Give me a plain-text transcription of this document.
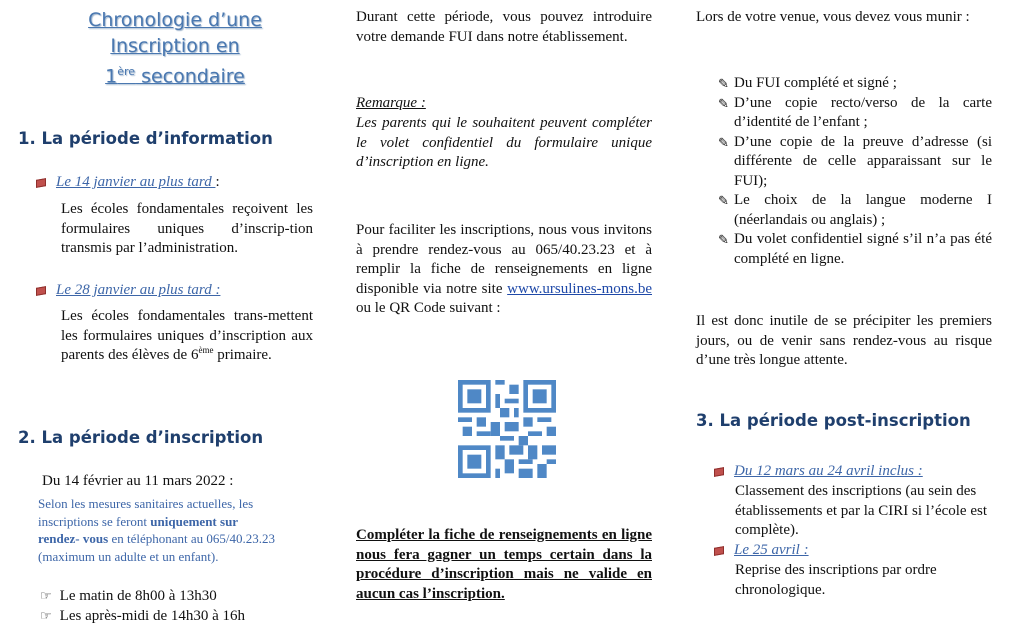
Chronologie d’une
Inscription en
1ère secondaire
1. La période d’information
Le 14 janvier au plus tard :
Les écoles fondamentales reçoivent les formulaires uniques d’inscrip-tion transmis par l’administration.
Le 28 janvier au plus tard :
Les écoles fondamentales trans-mettent les formulaires uniques d’inscription aux parents des élèves de 6ème primaire.
2. La période d’inscription
Du 14 février au 11 mars 2022 :
Selon les mesures sanitaires actuelles, les inscriptions se feront uniquement sur rendez- vous en téléphonant au 065/40.23.23 (maximum un adulte et un enfant).
☞ Le matin de 8h00 à 13h30
☞ Les après-midi de 14h30 à 16h
Durant cette période, vous pouvez introduire votre demande FUI dans notre établissement.
Remarque :
Les parents qui le souhaitent peuvent compléter le volet confidentiel du formulaire unique d’inscription en ligne.
Pour faciliter les inscriptions, nous vous invitons à prendre rendez-vous au 065/40.23.23 et à remplir la fiche de renseignements en ligne disponible via notre site www.ursulines-mons.be ou le QR Code suivant :
Compléter la fiche de renseignements en ligne nous fera gagner un temps certain dans la procédure d’inscription mais ne valide en aucun cas l’inscription.
Lors de votre venue, vous devez vous munir :
✎ Du FUI complété et signé ;
✎ D’une copie recto/verso de la carte d’identité de l’enfant ;
✎ D’une copie de la preuve d’adresse (si différente de celle apparaissant sur le FUI);
✎ Le choix de la langue moderne I (néerlandais ou anglais) ;
✎ Du volet confidentiel signé s’il n’a pas été complété en ligne.
Il est donc inutile de se précipiter les premiers jours, ou de venir sans rendez-vous au risque d’une très longue attente.
3. La période post-inscription
Du 12 mars au 24 avril inclus :
Classement des inscriptions (au sein des établissements et par la CIRI si l’école est complète).
Le 25 avril :
Reprise des inscriptions par ordre chronologique.
